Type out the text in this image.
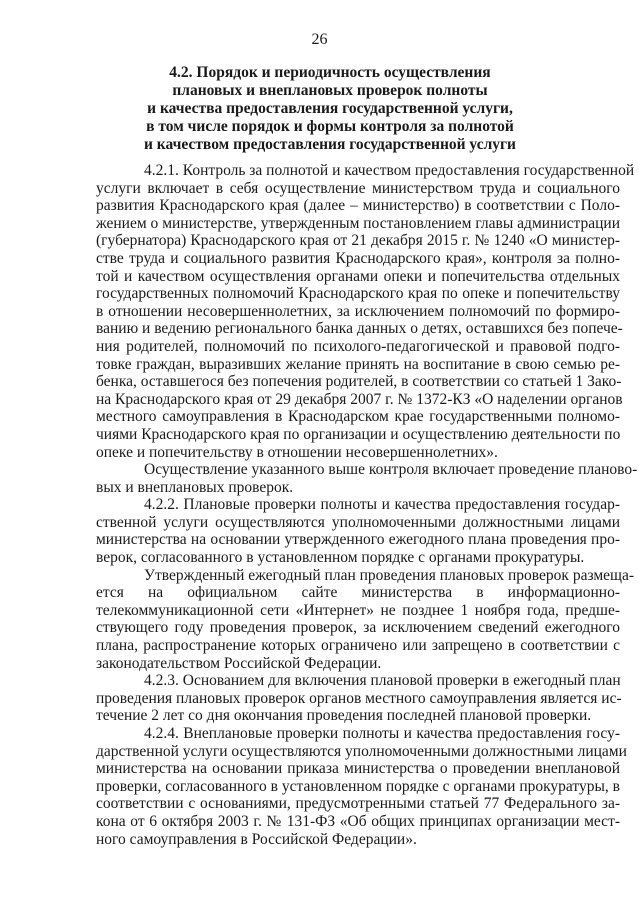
26
4.2. Порядок и периодичность осуществления
плановых и внеплановых проверок полноты
и качества предоставления государственной услуги,
в том числе порядок и формы контроля за полнотой
и качеством предоставления государственной услуги
4.2.1. Контроль за полнотой и качеством предоставления государственной
услуги включает в себя осуществление министерством труда и социального
развития Краснодарского края (далее – министерство) в соответствии с Поло-
жением о министерстве, утвержденным постановлением главы администрации
(губернатора) Краснодарского края от 21 декабря 2015 г. № 1240 «О министер-
стве труда и социального развития Краснодарского края», контроля за полно-
той и качеством осуществления органами опеки и попечительства отдельных
государственных полномочий Краснодарского края по опеке и попечительству
в отношении несовершеннолетних, за исключением полномочий по формиро-
ванию и ведению регионального банка данных о детях, оставшихся без попече-
ния родителей, полномочий по психолого-педагогической и правовой подго-
товке граждан, выразивших желание принять на воспитание в свою семью ре-
бенка, оставшегося без попечения родителей, в соответствии со статьей 1 Зако-
на Краснодарского края от 29 декабря 2007 г. № 1372-КЗ «О наделении органов
местного самоуправления в Краснодарском крае государственными полномо-
чиями Краснодарского края по организации и осуществлению деятельности по
опеке и попечительству в отношении несовершеннолетних».
Осуществление указанного выше контроля включает проведение планово-
вых и внеплановых проверок.
4.2.2. Плановые проверки полноты и качества предоставления государ-
ственной услуги осуществляются уполномоченными должностными лицами
министерства на основании утвержденного ежегодного плана проведения про-
верок, согласованного в установленном порядке с органами прокуратуры.
Утвержденный ежегодный план проведения плановых проверок размеща-
ется на официальном сайте министерства в информационно-
телекоммуникационной сети «Интернет» не позднее 1 ноября года, предше-
ствующего году проведения проверок, за исключением сведений ежегодного
плана, распространение которых ограничено или запрещено в соответствии с
законодательством Российской Федерации.
4.2.3. Основанием для включения плановой проверки в ежегодный план
проведения плановых проверок органов местного самоуправления является ис-
течение 2 лет со дня окончания проведения последней плановой проверки.
4.2.4. Внеплановые проверки полноты и качества предоставления госу-
дарственной услуги осуществляются уполномоченными должностными лицами
министерства на основании приказа министерства о проведении внеплановой
проверки, согласованного в установленном порядке с органами прокуратуры, в
соответствии с основаниями, предусмотренными статьей 77 Федерального за-
кона от 6 октября 2003 г. № 131-ФЗ «Об общих принципах организации мест-
ного самоуправления в Российской Федерации».
